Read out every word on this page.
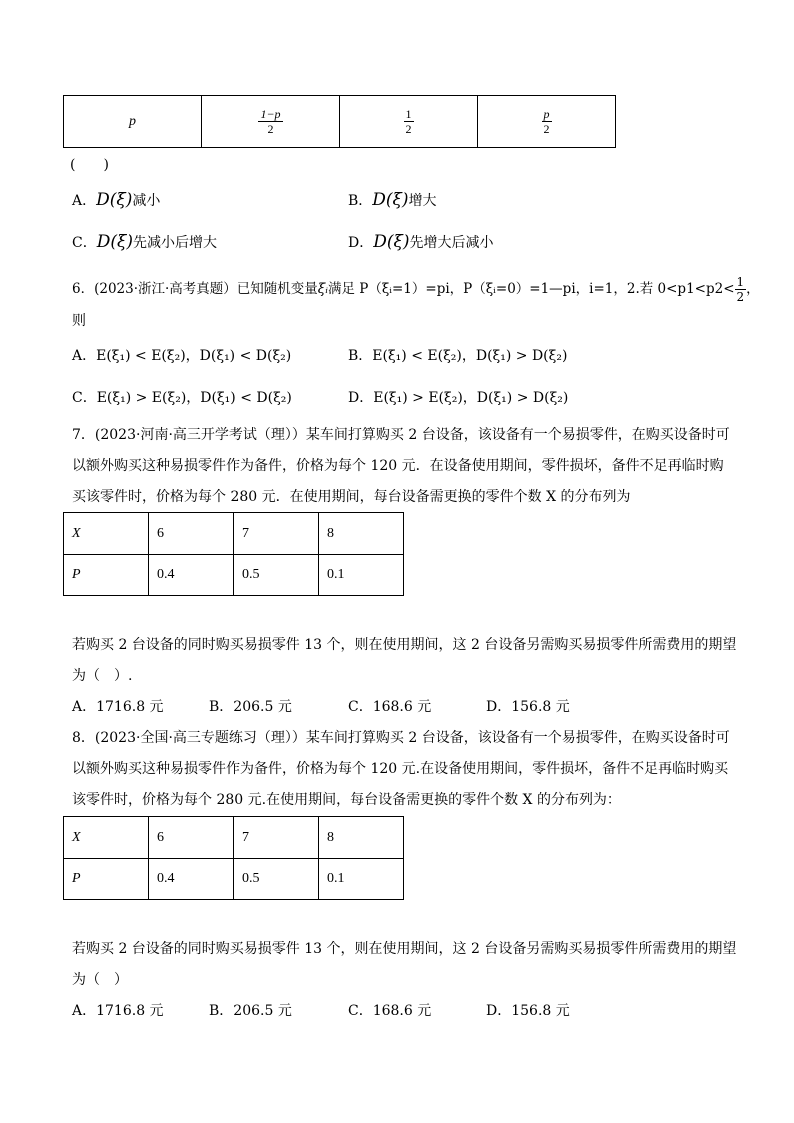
p	$\frac{1-p}{2}$	$\frac{1}{2}$	$\frac{p}{2}$
(　　)
A．D(ξ)减小	B．D(ξ)增大
C．D(ξ)先减小后增大	D．D(ξ)先增大后减小
6．(2023·浙江·高考真题）已知随机变量ξᵢ满足 P（ξᵢ=1）=pi，P（ξᵢ=0）=1—pi，i=1，2.若 $0<p1<p2< \frac{1}{2}$ ，
则
A．E(ξ₁) < E(ξ₂)，D(ξ₁) < D(ξ₂)	B．E(ξ₁) < E(ξ₂)，D(ξ₁) > D(ξ₂)
C．E(ξ₁) > E(ξ₂)，D(ξ₁) < D(ξ₂)	D．E(ξ₁) > E(ξ₂)，D(ξ₁) > D(ξ₂)
7．(2023·河南·高三开学考试（理））某车间打算购买 2 台设备，该设备有一个易损零件，在购买设备时可
以额外购买这种易损零件作为备件，价格为每个 120 元．在设备使用期间，零件损坏，备件不足再临时购
买该零件时，价格为每个 280 元．在使用期间，每台设备需更换的零件个数 X 的分布列为
X	6	7	8
P	0.4	0.5	0.1
若购买 2 台设备的同时购买易损零件 13 个，则在使用期间，这 2 台设备另需购买易损零件所需费用的期望
为（　）.
A．1716.8 元	B．206.5 元	C．168.6 元	D．156.8 元
8．(2023·全国·高三专题练习（理））某车间打算购买 2 台设备，该设备有一个易损零件，在购买设备时可
以额外购买这种易损零件作为备件，价格为每个 120 元.在设备使用期间，零件损坏，备件不足再临时购买
该零件时，价格为每个 280 元.在使用期间，每台设备需更换的零件个数 X 的分布列为：
X	6	7	8
P	0.4	0.5	0.1
若购买 2 台设备的同时购买易损零件 13 个，则在使用期间，这 2 台设备另需购买易损零件所需费用的期望
为（　）
A．1716.8 元	B．206.5 元	C．168.6 元	D．156.8 元
